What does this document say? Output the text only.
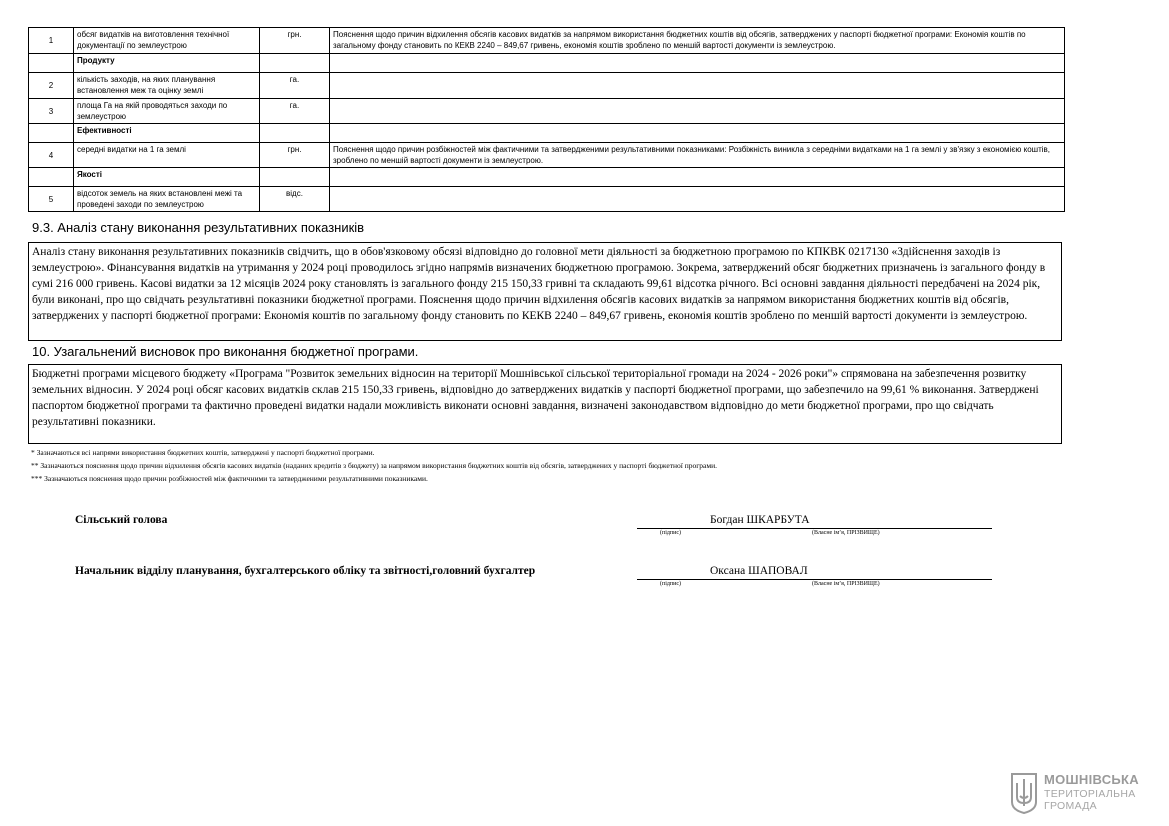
1	обсяг видатків на виготовлення технічної документації по землеустрою	грн.	Пояснення щодо причин відхилення обсягів касових видатків за напрямом використання бюджетних коштів від обсягів, затверджених у паспорті бюджетної програми: Економія коштів по загальному фонду становить по КЕКВ 2240 – 849,67 гривень, економія коштів зроблено по меншій вартості документи із землеустрою.
	Продукту		
2	кількість заходів, на яких планування встановлення меж та оцінку землі	га.	
3	площа Га на якій проводяться заходи по землеустрою	га.	
	Ефективності		
4	середні видатки на 1 га землі	грн.	Пояснення щодо причин розбіжностей між фактичними та затвердженими результативними показниками: Розбіжність виникла з середніми видатками на 1 га землі у зв'язку з економією коштів, зроблено по меншій вартості документи із землеустрою.
	Якості		
5	відсоток земель на яких встановлені межі та проведені заходи по землеустрою	відс.	
9.3. Аналіз стану виконання результативних показників
Аналіз стану виконання результативних показників свідчить, що в обов'язковому обсязі відповідно до головної мети діяльності за бюджетною програмою по КПКВК 0217130 «Здійснення заходів із землеустрою». Фінансування видатків на утримання у 2024 році проводилось згідно напрямів визначених бюджетною програмою. Зокрема, затверджений обсяг бюджетних призначень із загального фонду в сумі 216 000 гривень. Касові видатки за 12 місяців 2024 року становлять із загального фонду 215 150,33 гривні та складають 99,61 відсотка річного. Всі основні завдання діяльності передбачені на 2024 рік, були виконані, про що свідчать результативні показники бюджетної програми. Пояснення щодо причин відхилення обсягів касових видатків за напрямом використання бюджетних коштів від обсягів, затверджених у паспорті бюджетної програми: Економія коштів по загальному фонду становить по КЕКВ 2240 – 849,67 гривень, економія коштів зроблено по меншій вартості документи із землеустрою.
10. Узагальнений висновок про виконання бюджетної програми.
Бюджетні програми місцевого бюджету «Програма "Розвиток земельних відносин на території Мошнівської сільської територіальної громади на 2024 - 2026 роки"» спрямована на забезпечення розвитку земельних відносин. У 2024 році обсяг касових видатків склав 215 150,33 гривень, відповідно до затверджених видатків у паспорті бюджетної програми, що забезпечило на 99,61 % виконання. Затверджені паспортом бюджетної програми та фактично проведені видатки надали можливість виконати основні завдання, визначені законодавством відповідно до мети бюджетної програми, про що свідчать результативні показники.
* Зазначаються всі напрями використання бюджетних коштів, затверджені у паспорті бюджетної програми.
** Зазначаються пояснення щодо причин відхилення обсягів касових видатків (наданих кредитів з бюджету) за напрямом використання бюджетних коштів від обсягів, затверджених у паспорті бюджетної програми.
*** Зазначаються пояснення щодо причин розбіжностей між фактичними та затвердженими результативними показниками.
Сільський голова	Богдан ШКАРБУТА
(підпис)	(Власне ім’я, ПРІЗВИЩЕ)
Начальник відділу планування, бухгалтерського обліку та звітності,головний бухгалтер	Оксана ШАПОВАЛ
(підпис)	(Власне ім’я, ПРІЗВИЩЕ)
МОШНІВСЬКА
ТЕРИТОРІАЛЬНА
ГРОМАДА
